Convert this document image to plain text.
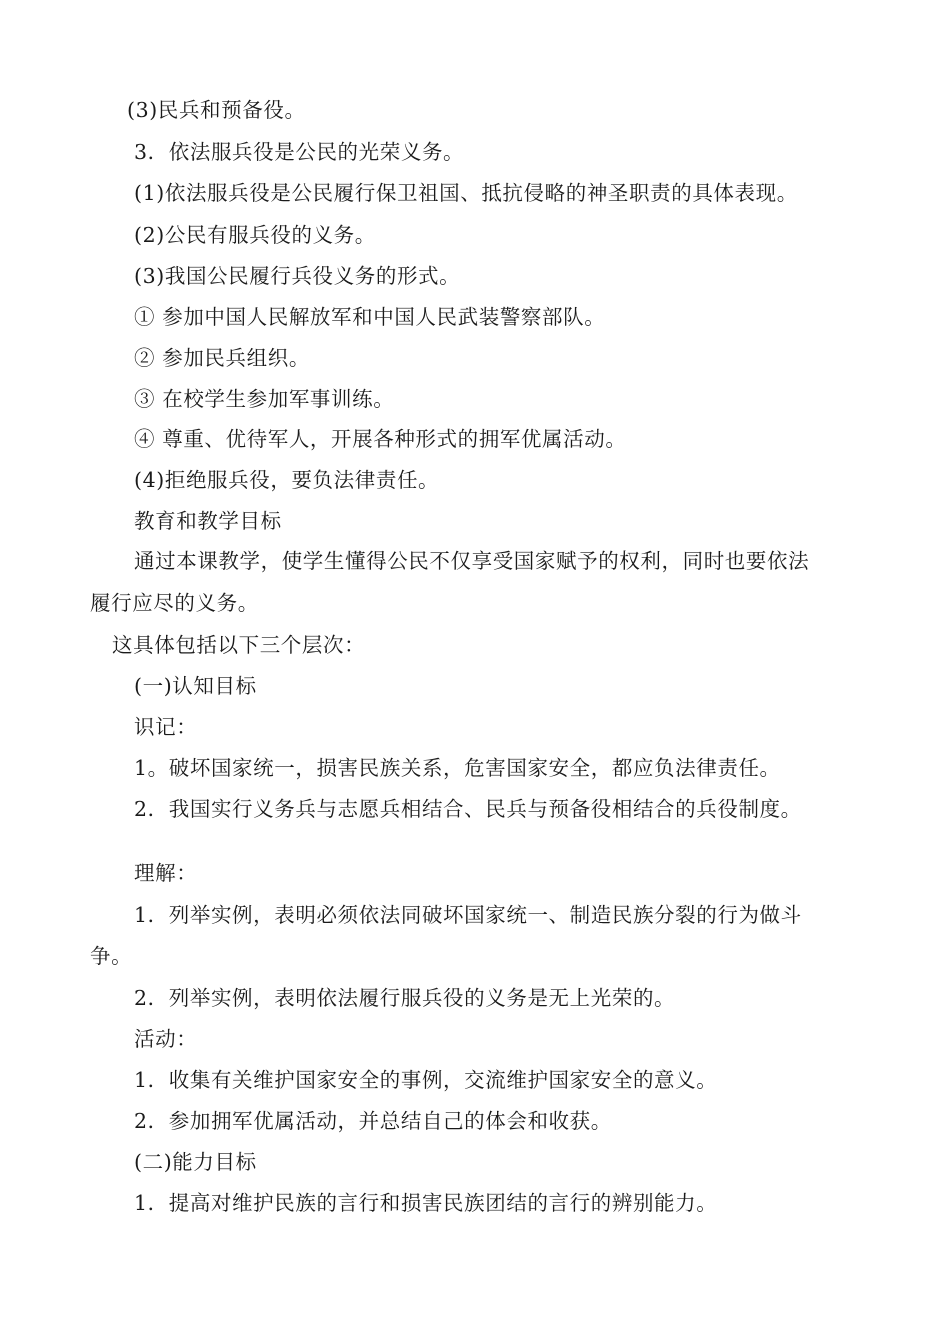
(3)民兵和预备役。
3．依法服兵役是公民的光荣义务。
(1)依法服兵役是公民履行保卫祖国、抵抗侵略的神圣职责的具体表现。
(2)公民有服兵役的义务。
(3)我国公民履行兵役义务的形式。
① 参加中国人民解放军和中国人民武装警察部队。
② 参加民兵组织。
③ 在校学生参加军事训练。
④ 尊重、优待军人，开展各种形式的拥军优属活动。
(4)拒绝服兵役，要负法律责任。
教育和教学目标
通过本课教学，使学生懂得公民不仅享受国家赋予的权利，同时也要依法
履行应尽的义务。
这具体包括以下三个层次：
(一)认知目标
识记：
1。破坏国家统一，损害民族关系，危害国家安全，都应负法律责任。
2．我国实行义务兵与志愿兵相结合、民兵与预备役相结合的兵役制度。
理解：
1．列举实例，表明必须依法同破坏国家统一、制造民族分裂的行为做斗
争。
2．列举实例，表明依法履行服兵役的义务是无上光荣的。
活动：
1．收集有关维护国家安全的事例，交流维护国家安全的意义。
2．参加拥军优属活动，并总结自己的体会和收获。
(二)能力目标
1．提高对维护民族的言行和损害民族团结的言行的辨别能力。
